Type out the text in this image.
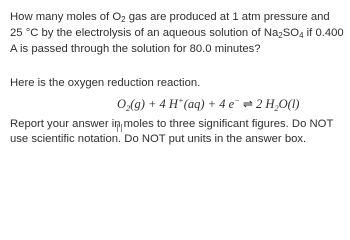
How many moles of $O_2$ gas are produced at 1 atm pressure and 25 °C by the electrolysis of an aqueous solution of $Na_2SO_4$ if 0.400 A is passed through the solution for 80.0 minutes?
Here is the oxygen reduction reaction.
$O_2(g) + 4$ H+(aq) + 4 e− ⇌ 2 $H_2O(l)$
Report your answer in moles to three significant figures. Do NOT use scientific notation. Do NOT put units in the answer box.
